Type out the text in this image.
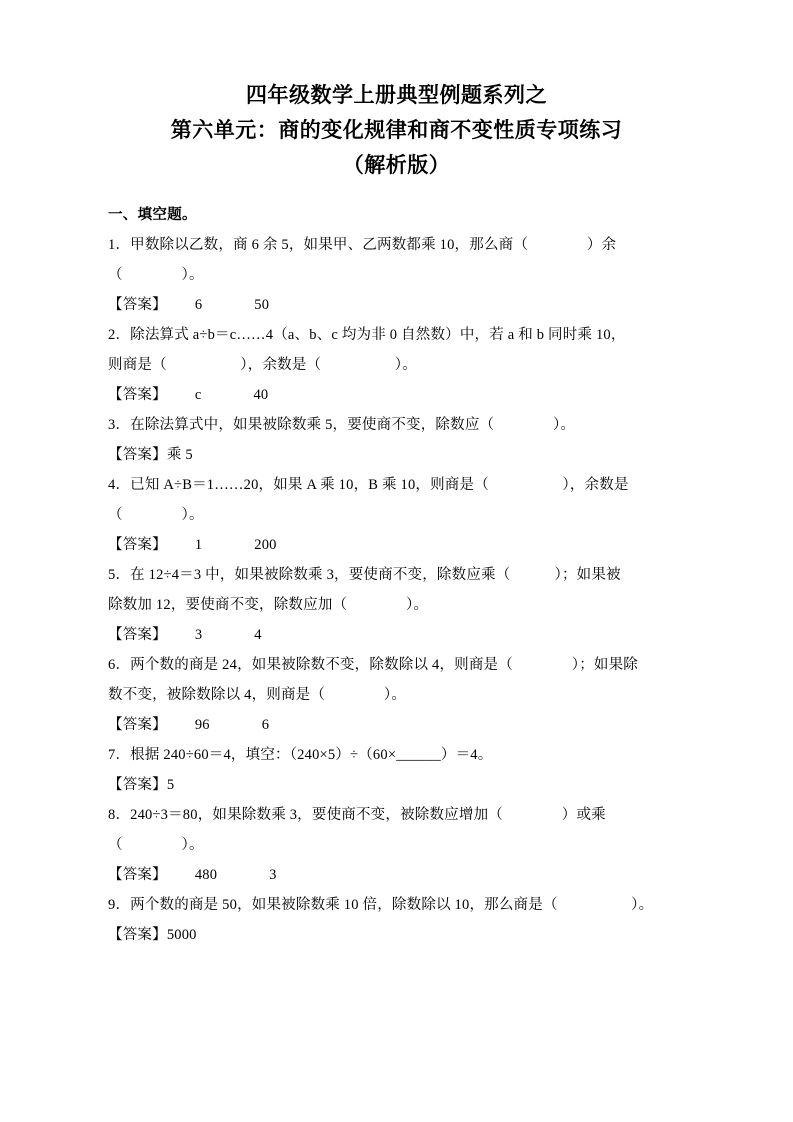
四年级数学上册典型例题系列之
第六单元：商的变化规律和商不变性质专项练习
（解析版）
一、填空题。

1．甲数除以乙数，商 6 余 5，如果甲、乙两数都乘 10，那么商（　　　　）余

（　　　　）。

【答案】 6	50

2．除法算式 a÷b＝c……4（a、b、c 均为非 0 自然数）中，若 a 和 b 同时乘 10，

则商是（　　　　　），余数是（　　　　　）。

【答案】 c	40

3．在除法算式中，如果被除数乘 5，要使商不变，除数应（　　　　）。

【答案】乘 5

4．已知 A÷B＝1……20，如果 A 乘 10，B 乘 10，则商是（　　　　　），余数是

（　　　　）。

【答案】 1	200

5．在 12÷4＝3 中，如果被除数乘 3，要使商不变，除数应乘（　　　）；如果被

除数加 12，要使商不变，除数应加（　　　　）。

【答案】 3	4

6．两个数的商是 24，如果被除数不变，除数除以 4，则商是（　　　　）；如果除

数不变，被除数除以 4，则商是（　　　　）。

【答案】 96	6

7．根据 240÷60＝4，填空：（240×5）÷（60×______）＝4。

【答案】5

8．240÷3＝80，如果除数乘 3，要使商不变，被除数应增加（　　　　）或乘

（　　　　）。

【答案】 480	3

9．两个数的商是 50，如果被除数乘 10 倍，除数除以 10，那么商是（　　　　　）。

【答案】5000
